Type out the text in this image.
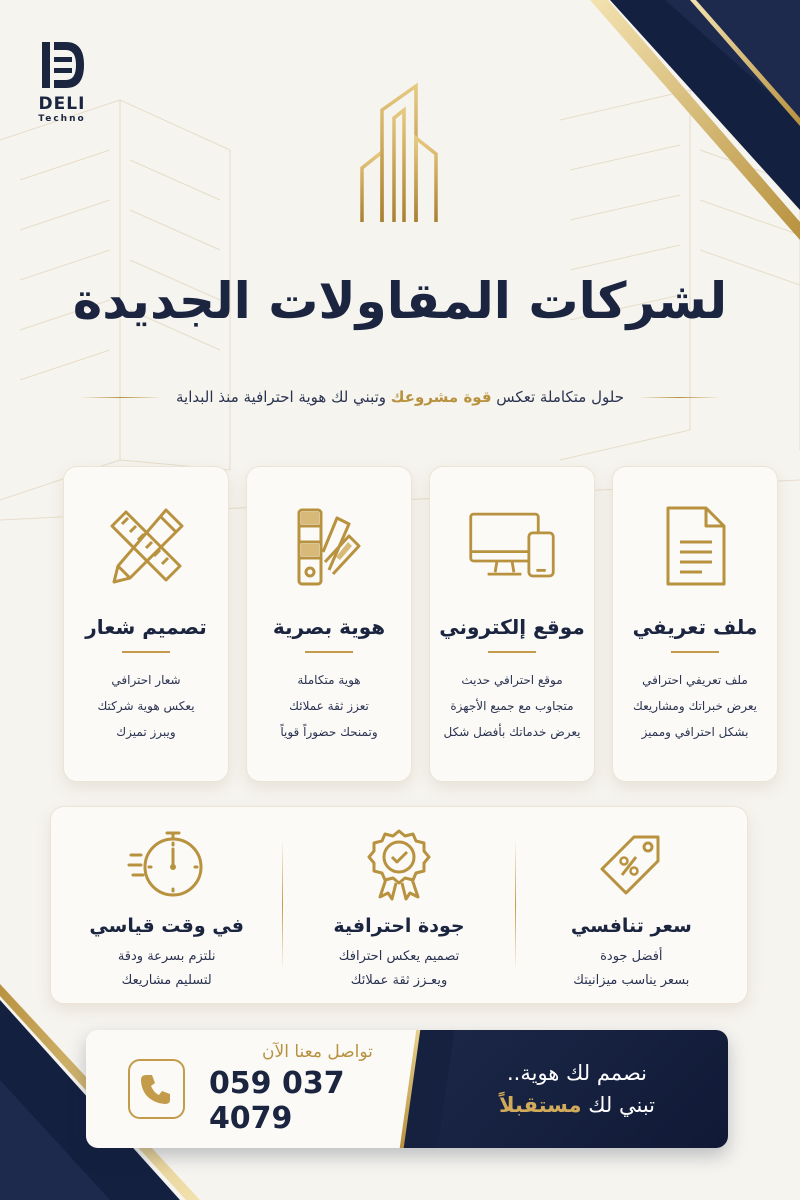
DELI
Techno
لشركات المقاولات الجديدة

حلول متكاملة تعكس قوة مشروعك وتبني لك هوية احترافية منذ البداية

ملف تعريفي
ملف تعريفي احترافي
يعرض خبراتك ومشاريعك
بشكل احترافي ومميز
موقع إلكتروني
موقع احترافي حديث
متجاوب مع جميع الأجهزة
يعرض خدماتك بأفضل شكل
هوية بصرية
هوية متكاملة
تعزز ثقة عملائك
وتمنحك حضوراً قوياً
تصميم شعار
شعار احترافي
يعكس هوية شركتك
ويبرز تميزك
سعر تنافسي
أفضل جودة
بسعر يناسب ميزانيتك
جودة احترافية
تصميم يعكس احترافك
ويعـزز ثقة عملائك
في وقت قياسي
نلتزم بسرعة ودقة
لتسليم مشاريعك
تواصل معنا الآن
059 037 4079
نصمم لك هوية..
تبني لك مستقبلاً
